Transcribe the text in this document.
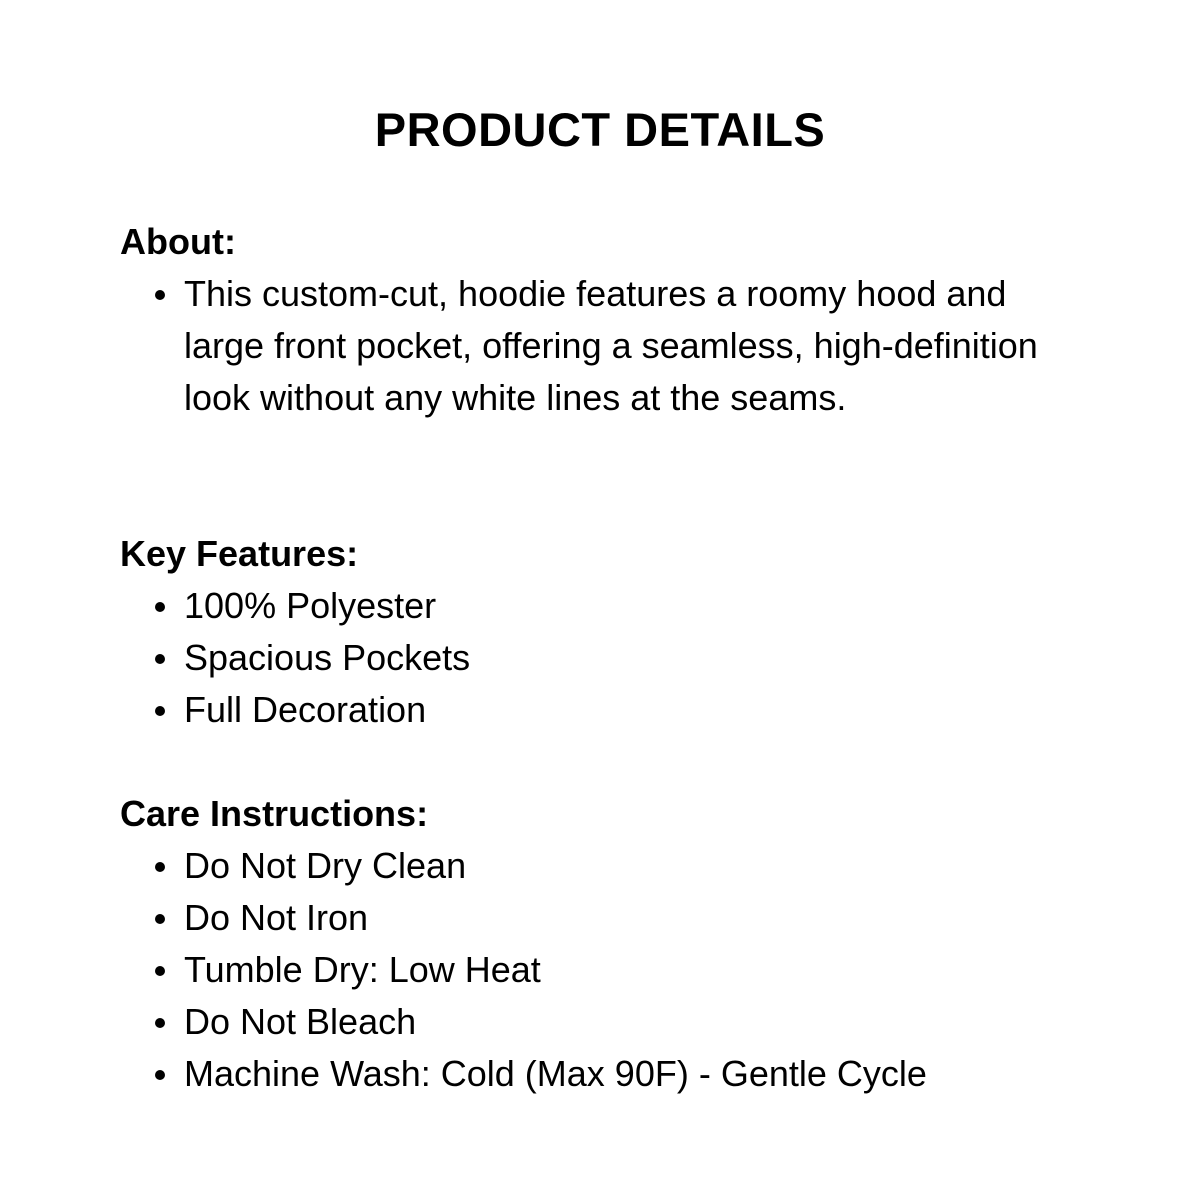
PRODUCT DETAILS
About:
This custom-cut, hoodie features a roomy hood and large front pocket, offering a seamless, high-definition look without any white lines at the seams.
Key Features:
100% Polyester
Spacious Pockets
Full Decoration
Care Instructions:
Do Not Dry Clean
Do Not Iron
Tumble Dry: Low Heat
Do Not Bleach
Machine Wash: Cold (Max 90F) - Gentle Cycle
